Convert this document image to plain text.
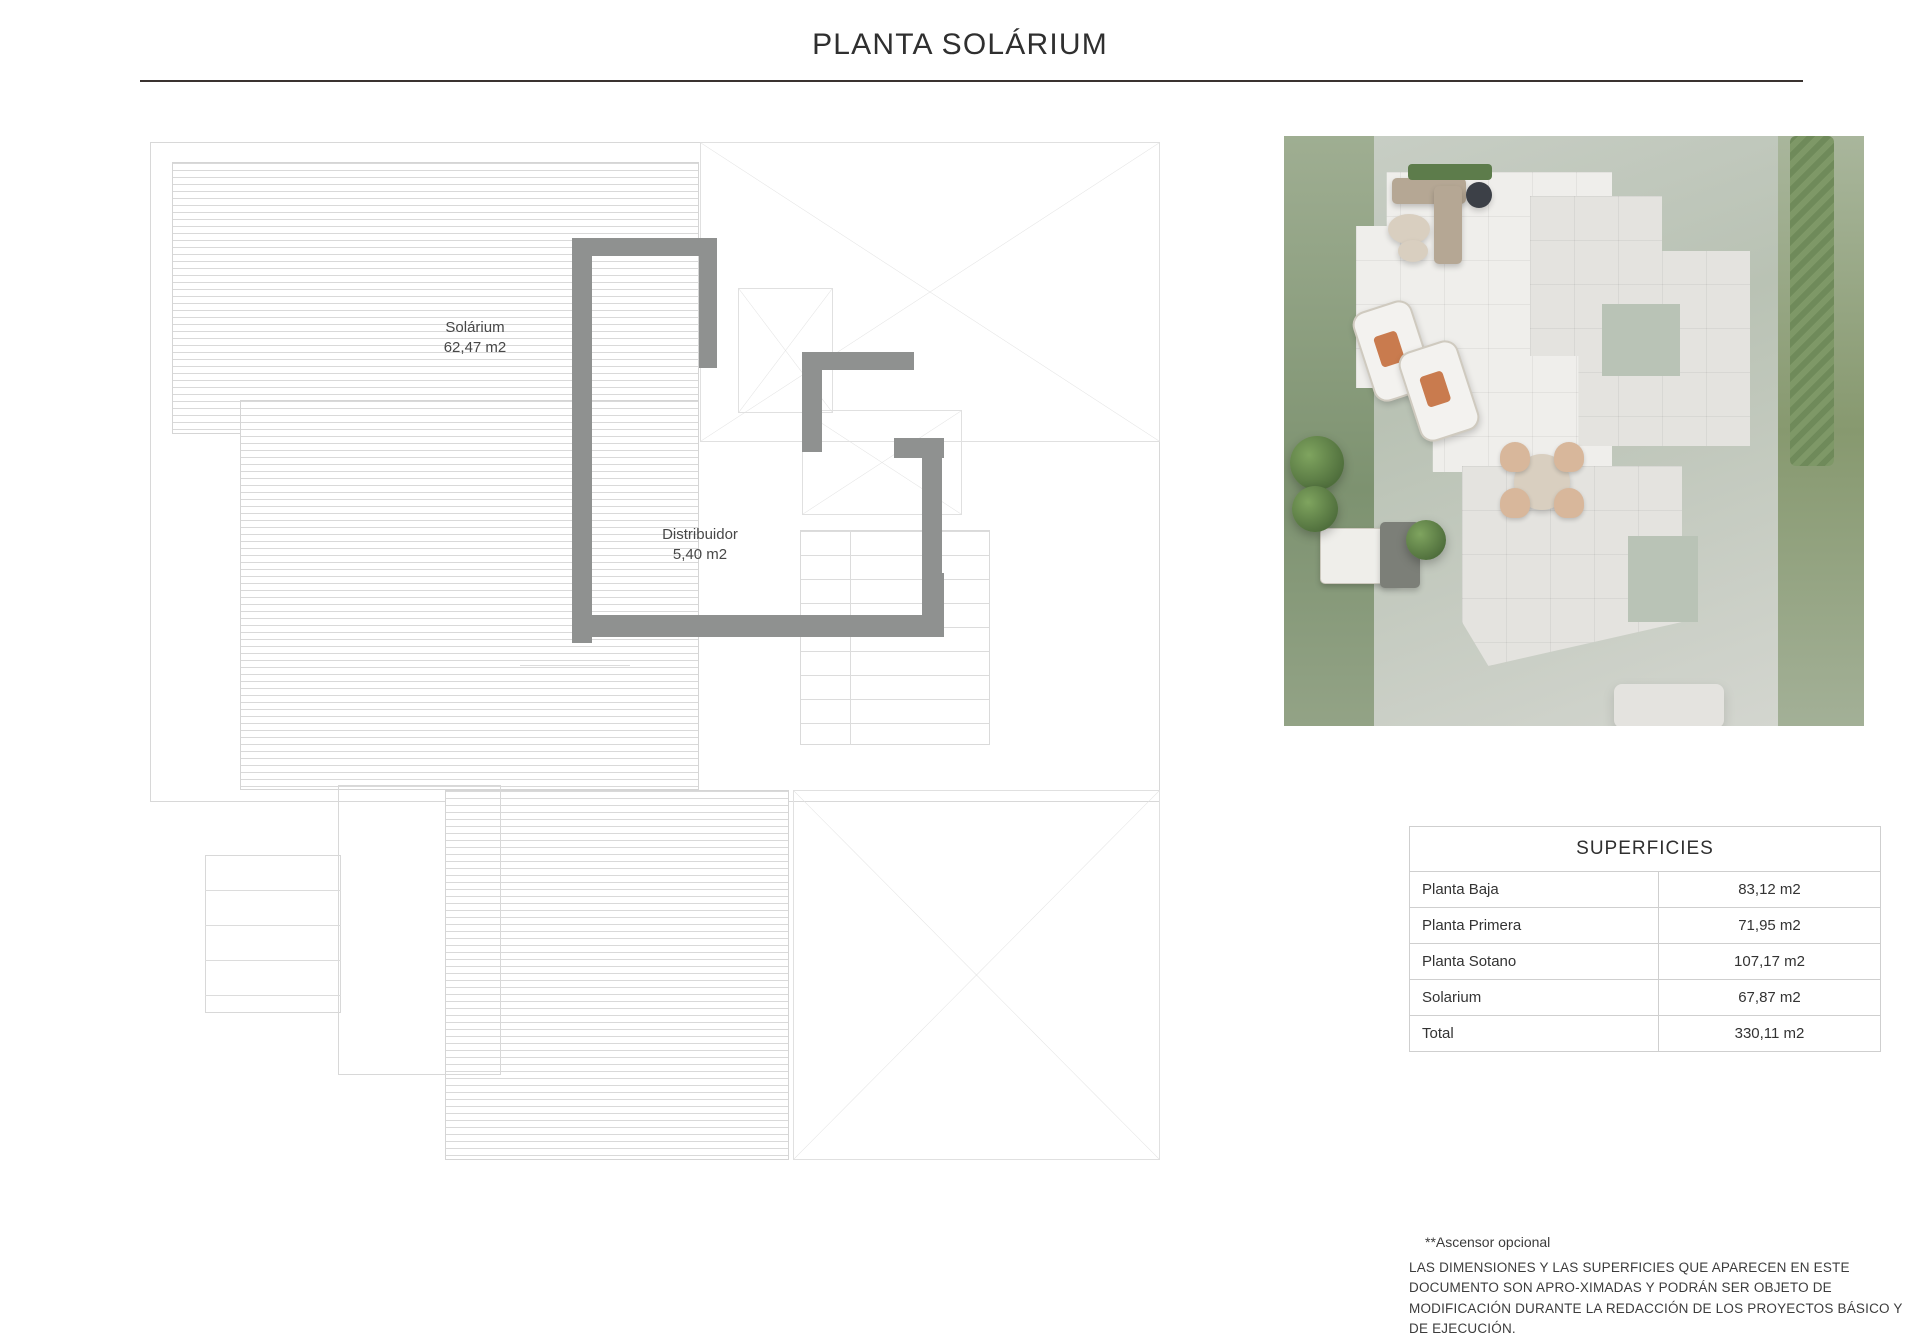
PLANTA SOLÁRIUM
Solárium
62,47 m2
Distribuidor
5,40 m2
SUPERFICIES	
Planta Baja	83,12 m2
Planta Primera	71,95 m2
Planta Sotano	107,17 m2
Solarium	67,87 m2
Total	330,11 m2
**Ascensor opcional
LAS DIMENSIONES Y LAS SUPERFICIES QUE APARECEN EN ESTE DOCUMENTO SON APRO-XIMADAS Y PODRÁN SER OBJETO DE MODIFICACIÓN DURANTE LA REDACCIÓN DE LOS PROYECTOS BÁSICO Y DE EJECUCIÓN.
